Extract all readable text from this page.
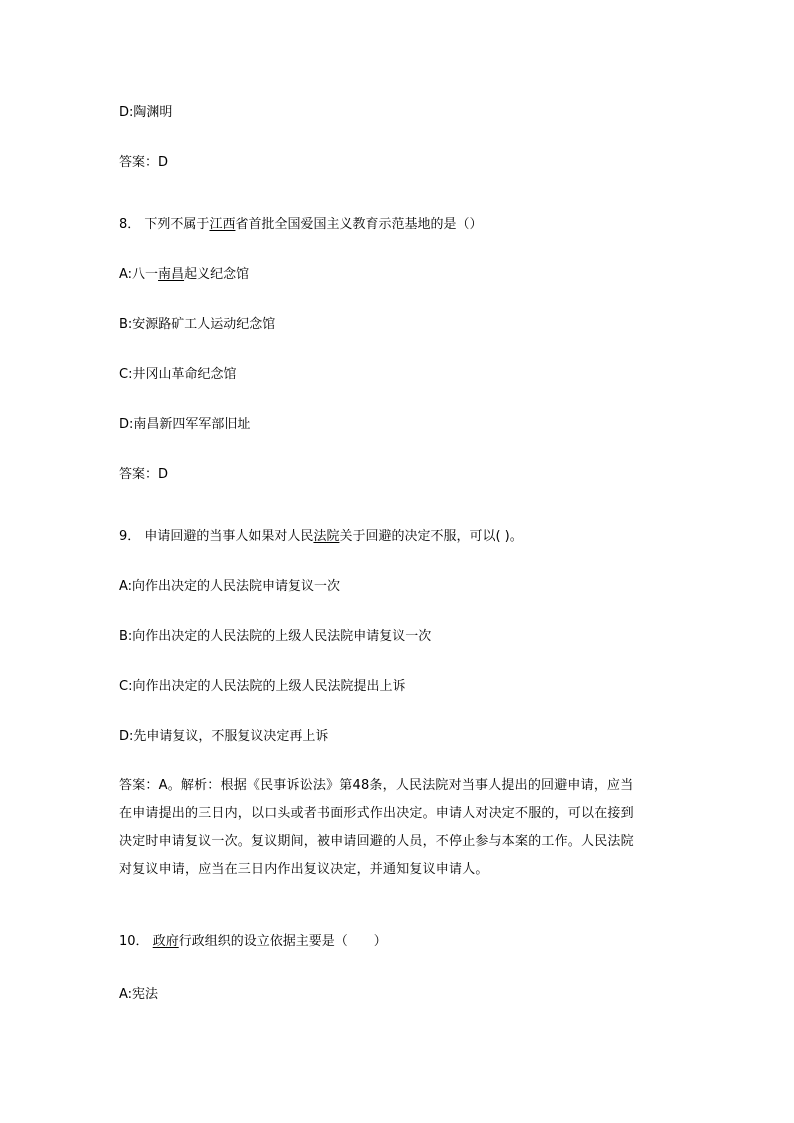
D:陶渊明
答案：D
8． 下列不属于江西省首批全国爱国主义教育示范基地的是（）
A:八一南昌起义纪念馆
B:安源路矿工人运动纪念馆
C:井冈山革命纪念馆
D:南昌新四军军部旧址
答案：D
9． 申请回避的当事人如果对人民法院关于回避的决定不服，可以( )。
A:向作出决定的人民法院申请复议一次
B:向作出决定的人民法院的上级人民法院申请复议一次
C:向作出决定的人民法院的上级人民法院提出上诉
D:先申请复议，不服复议决定再上诉
答案：A。解析：根据《民事诉讼法》第48条，人民法院对当事人提出的回避申请，应当
在申请提出的三日内，以口头或者书面形式作出决定。申请人对决定不服的，可以在接到
决定时申请复议一次。复议期间，被申请回避的人员，不停止参与本案的工作。人民法院
对复议申请，应当在三日内作出复议决定，并通知复议申请人。
10． 政府行政组织的设立依据主要是（　　）
A:宪法
